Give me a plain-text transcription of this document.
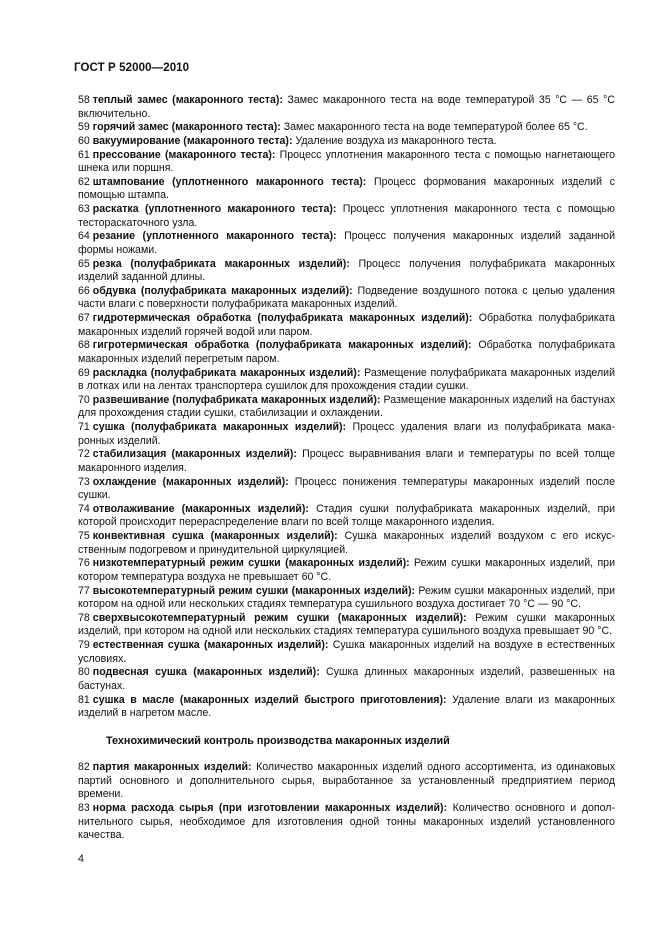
ГОСТ Р 52000—2010

58 теплый замес (макаронного теста): Замес макаронного теста на воде температурой 35 °С — 65 °С включительно.

59 горячий замес (макаронного теста): Замес макаронного теста на воде температурой более 65 °С.

60 вакуумирование (макаронного теста): Удаление воздуха из макаронного теста.

61 прессование (макаронного теста): Процесс уплотнения макаронного теста с помощью нагнетающего шнека или поршня.

62 штампование (уплотненного макаронного теста): Процесс формования макаронных изделий с помощью штампа.

63 раскатка (уплотненного макаронного теста): Процесс уплотнения макаронного теста с помощью тестораскаточного узла.

64 резание (уплотненного макаронного теста): Процесс получения макаронных изделий заданной формы ножами.

65 резка (полуфабриката макаронных изделий): Процесс получения полуфабриката макаронных изделий заданной длины.

66 обдувка (полуфабриката макаронных изделий): Подведение воздушного потока с целью удаления части влаги с поверхности полуфабриката макаронных изделий.

67 гидротермическая обработка (полуфабриката макаронных изделий): Обработка полуфабриката макаронных изделий горячей водой или паром.

68 гигротермическая обработка (полуфабриката макаронных изделий): Обработка полуфабриката макаронных изделий перегретым паром.

69 раскладка (полуфабриката макаронных изделий): Размещение полуфабриката макаронных изделий в лотках или на лентах транспортера сушилок для прохождения стадии сушки.

70 развешивание (полуфабриката макаронных изделий): Размещение макаронных изделий на бастунах для прохождения стадии сушки, стабилизации и охлаждении.

71 сушка (полуфабриката макаронных изделий): Процесс удаления влаги из полуфабриката макаронных изделий.

72 стабилизация (макаронных изделий): Процесс выравнивания влаги и температуры по всей толще макаронного изделия.

73 охлаждение (макаронных изделий): Процесс понижения температуры макаронных изделий после сушки.

74 отволаживание (макаронных изделий): Стадия сушки полуфабриката макаронных изделий, при которой происходит перераспределение влаги по всей толще макаронного изделия.

75 конвективная сушка (макаронных изделий): Сушка макаронных изделий воздухом с его искусственным подогревом и принудительной циркуляцией.

76 низкотемпературный режим сушки (макаронных изделий): Режим сушки макаронных изделий, при котором температура воздуха не превышает 60 °С.

77 высокотемпературный режим сушки (макаронных изделий): Режим сушки макаронных изделий, при котором на одной или нескольких стадиях температура сушильного воздуха достигает 70 °С — 90 °С.

78 сверхвысокотемпературный режим сушки (макаронных изделий): Режим сушки макаронных изделий, при котором на одной или нескольких стадиях температура сушильного воздуха превышает 90 °С.

79 естественная сушка (макаронных изделий): Сушка макаронных изделий на воздухе в естественных условиях.

80 подвесная сушка (макаронных изделий): Сушка длинных макаронных изделий, развешенных на бастунах.

81 сушка в масле (макаронных изделий быстрого приготовления): Удаление влаги из макаронных изделий в нагретом масле.

Технохимический контроль производства макаронных изделий

82 партия макаронных изделий: Количество макаронных изделий одного ассортимента, из одинаковых партий основного и дополнительного сырья, выработанное за установленный предприятием период времени.

83 норма расхода сырья (при изготовлении макаронных изделий): Количество основного и дополнительного сырья, необходимое для изготовления одной тонны макаронных изделий установленного качества.

4
